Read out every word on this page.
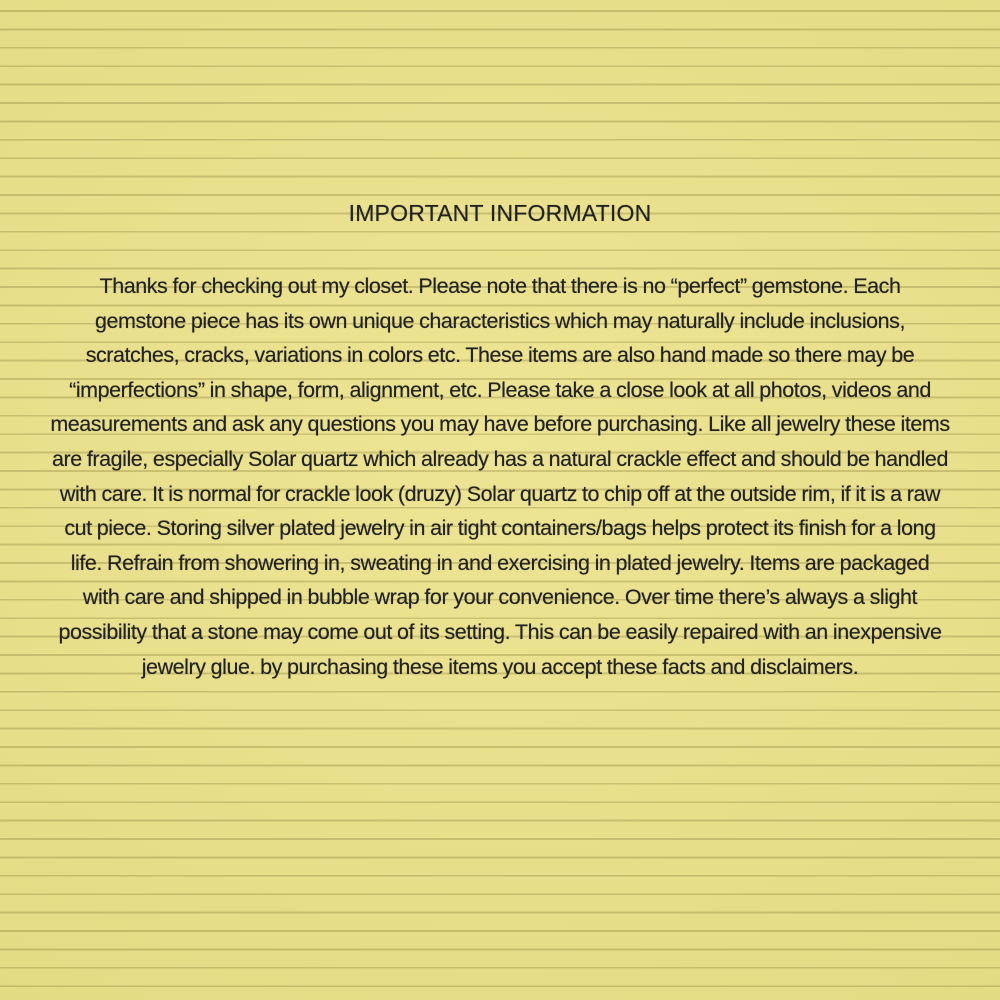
IMPORTANT INFORMATION
Thanks for checking out my closet. Please note that there is no “perfect” gemstone. Each
gemstone piece has its own unique characteristics which may naturally include inclusions,
scratches, cracks, variations in colors etc. These items are also hand made so there may be
“imperfections” in shape, form, alignment, etc. Please take a close look at all photos, videos and
measurements and ask any questions you may have before purchasing. Like all jewelry these items
are fragile, especially Solar quartz which already has a natural crackle effect and should be handled
with care. It is normal for crackle look (druzy) Solar quartz to chip off at the outside rim, if it is a raw
cut piece. Storing silver plated jewelry in air tight containers/bags helps protect its finish for a long
life. Refrain from showering in, sweating in and exercising in plated jewelry. Items are packaged
with care and shipped in bubble wrap for your convenience. Over time there’s always a slight
possibility that a stone may come out of its setting. This can be easily repaired with an inexpensive
jewelry glue. by purchasing these items you accept these facts and disclaimers.
